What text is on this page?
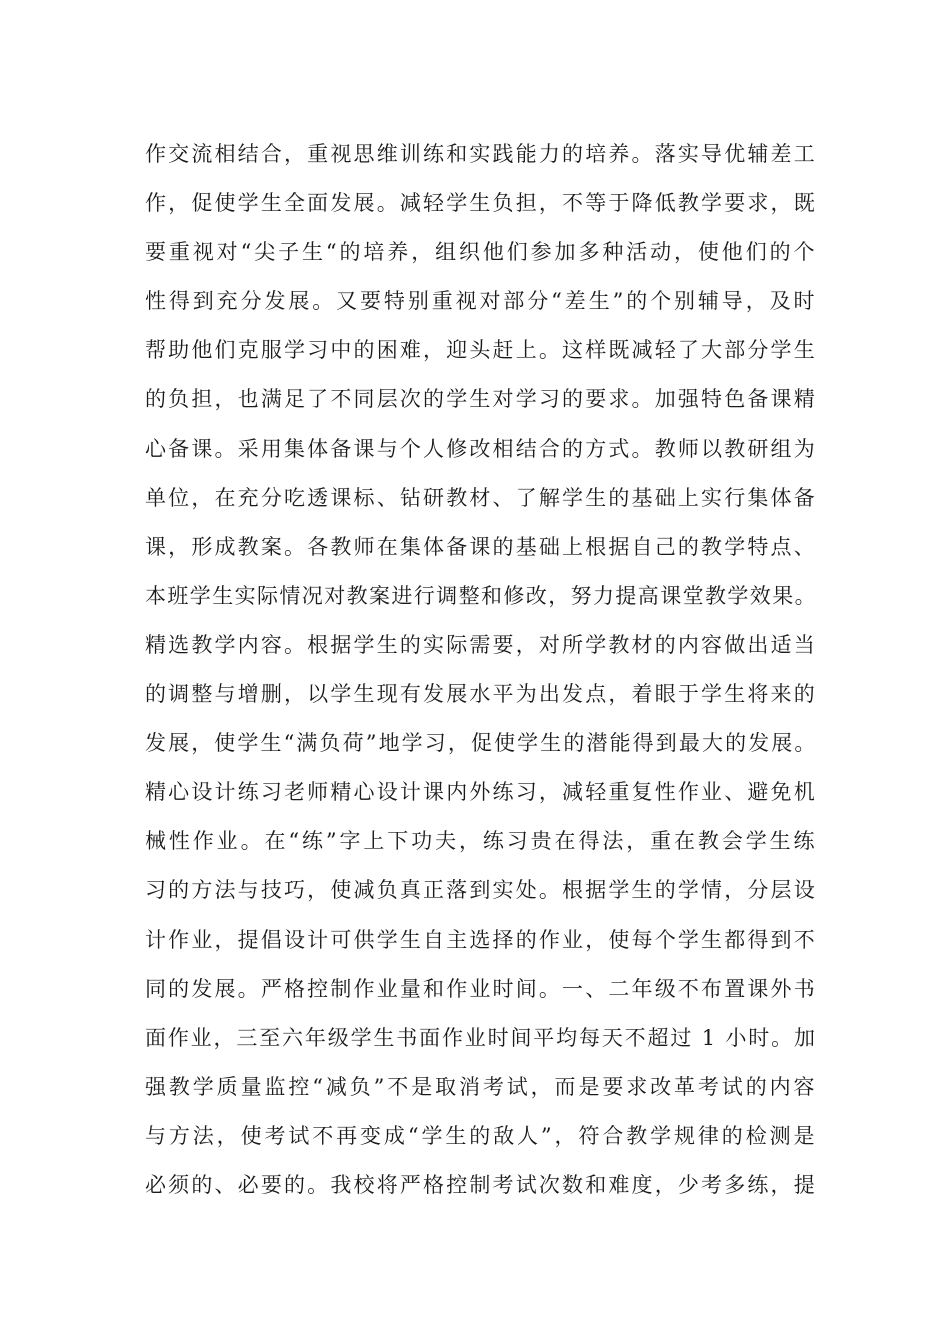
作交流相结合，重视思维训练和实践能力的培养。落实导优辅差工
作，促使学生全面发展。减轻学生负担，不等于降低教学要求，既
要重视对“尖子生“的培养，组织他们参加多种活动，使他们的个
性得到充分发展。又要特别重视对部分“差生”的个别辅导，及时
帮助他们克服学习中的困难，迎头赶上。这样既减轻了大部分学生
的负担，也满足了不同层次的学生对学习的要求。加强特色备课精
心备课。采用集体备课与个人修改相结合的方式。教师以教研组为
单位，在充分吃透课标、钻研教材、了解学生的基础上实行集体备
课，形成教案。各教师在集体备课的基础上根据自己的教学特点、
本班学生实际情况对教案进行调整和修改，努力提高课堂教学效果。
精选教学内容。根据学生的实际需要，对所学教材的内容做出适当
的调整与增删，以学生现有发展水平为出发点，着眼于学生将来的
发展，使学生“满负荷”地学习，促使学生的潜能得到最大的发展。
精心设计练习老师精心设计课内外练习，减轻重复性作业、避免机
械性作业。在“练”字上下功夫，练习贵在得法，重在教会学生练
习的方法与技巧，使减负真正落到实处。根据学生的学情，分层设
计作业，提倡设计可供学生自主选择的作业，使每个学生都得到不
同的发展。严格控制作业量和作业时间。一、二年级不布置课外书
面作业，三至六年级学生书面作业时间平均每天不超过 1 小时。加
强教学质量监控“减负”不是取消考试，而是要求改革考试的内容
与方法，使考试不再变成“学生的敌人”，符合教学规律的检测是
必须的、必要的。我校将严格控制考试次数和难度，少考多练，提
